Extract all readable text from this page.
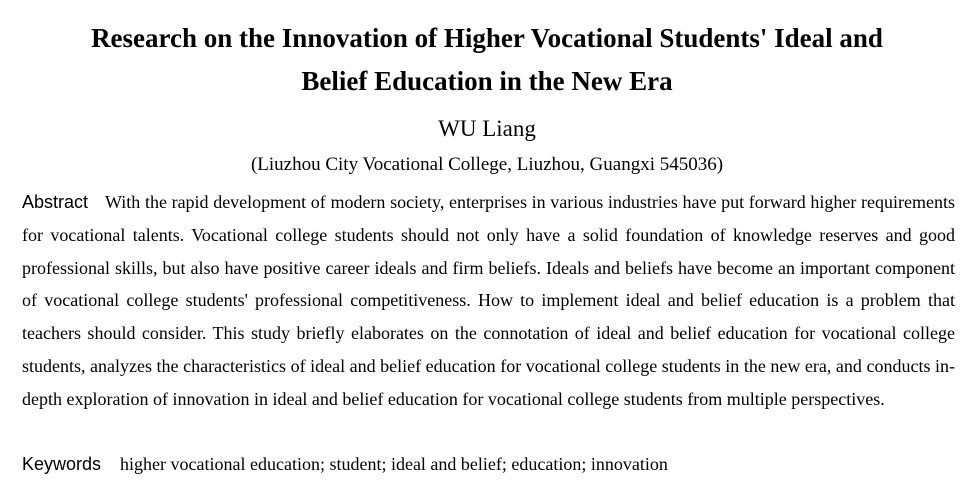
Research on the Innovation of Higher Vocational Students' Ideal and
Belief Education in the New Era
WU Liang
(Liuzhou City Vocational College, Liuzhou, Guangxi 545036)
Abstract With the rapid development of modern society, enterprises in various industries have put forward higher requirements for vocational talents. Vocational college students should not only have a solid foundation of knowledge reserves and good professional skills, but also have positive career ideals and firm beliefs. Ideals and beliefs have become an important component of vocational college students' professional competitiveness. How to implement ideal and belief education is a problem that teachers should consider. This study briefly elaborates on the connotation of ideal and belief education for vocational college students, analyzes the characteristics of ideal and belief education for vocational college students in the new era, and conducts in-depth exploration of innovation in ideal and belief education for vocational college students from multiple perspectives.
Keywords higher vocational education; student; ideal and belief; education; innovation
